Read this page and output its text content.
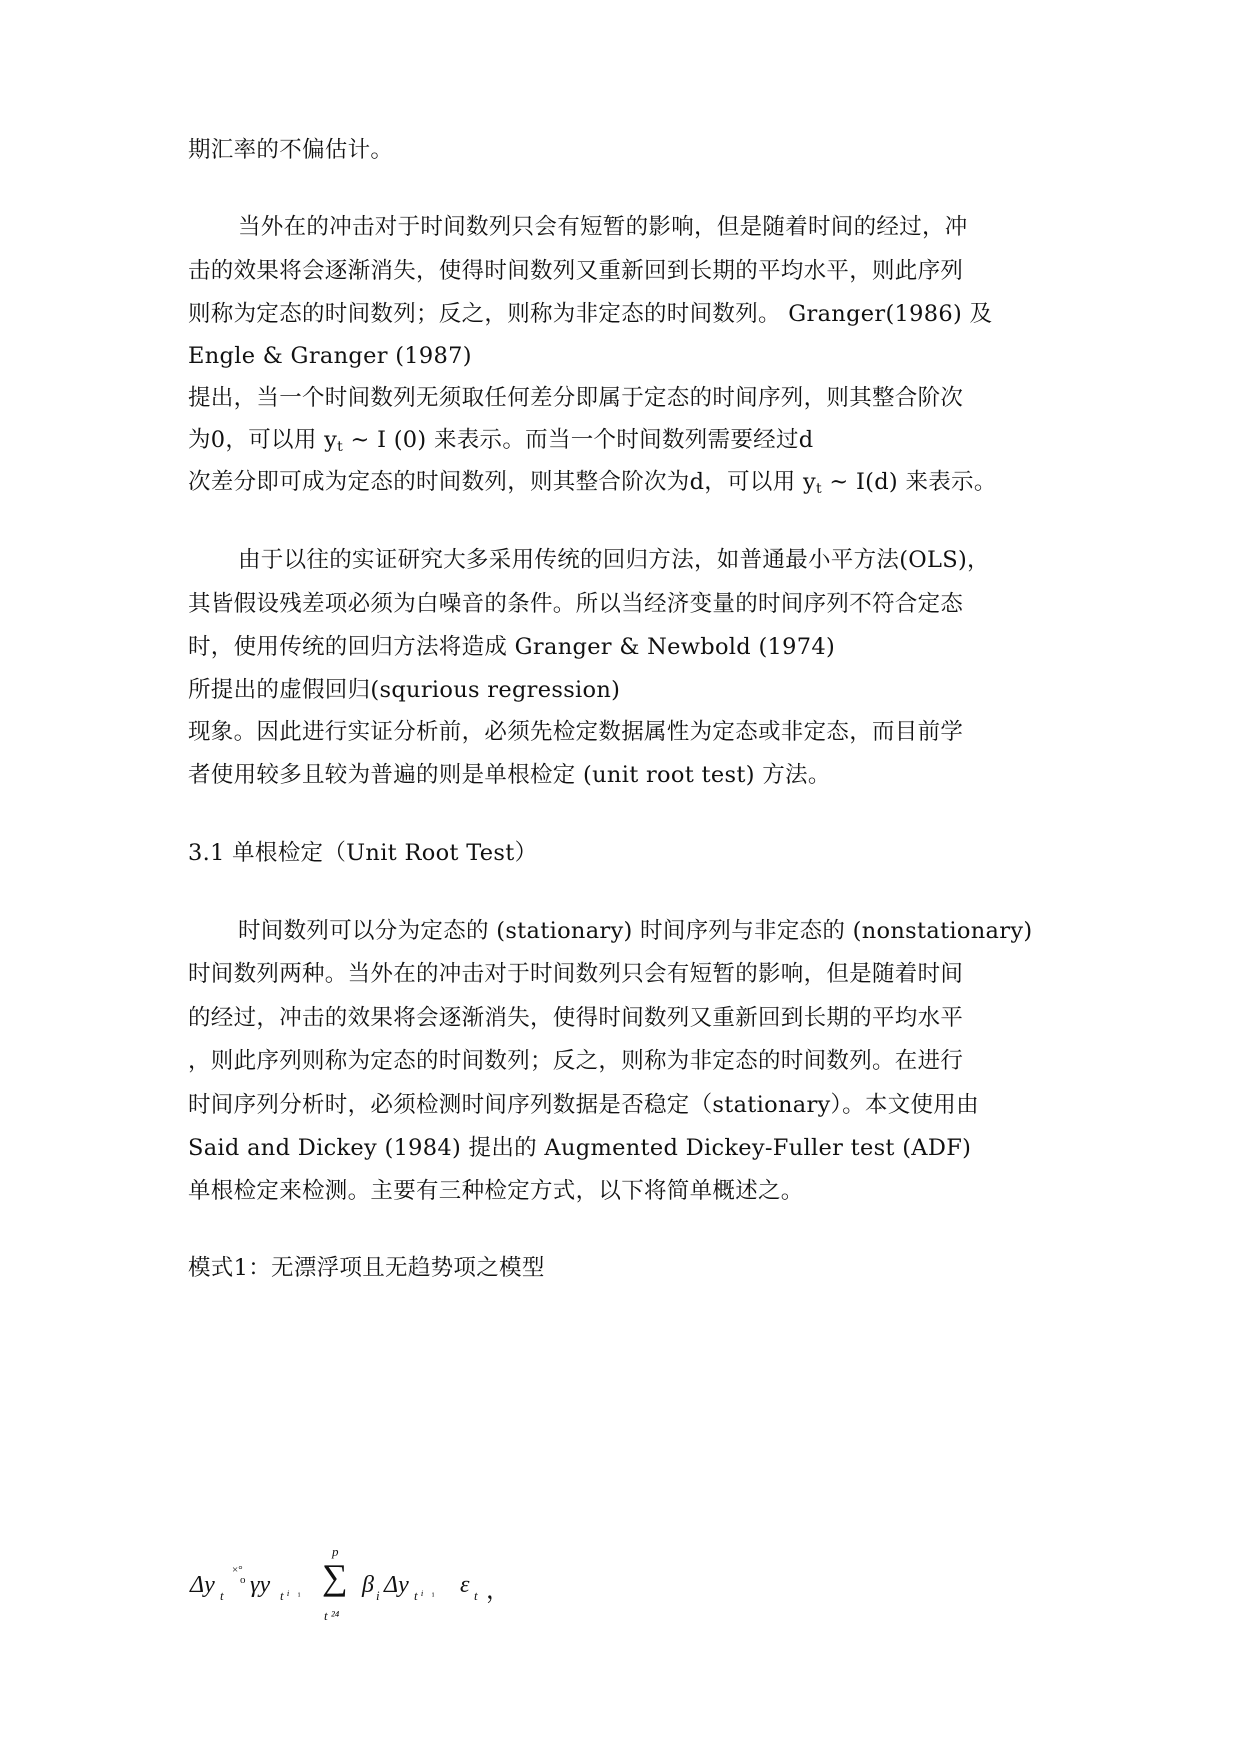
期汇率的不偏估计。
当外在的冲击对于时间数列只会有短暂的影响，但是随着时间的经过，冲
击的效果将会逐渐消失，使得时间数列又重新回到长期的平均水平，则此序列
则称为定态的时间数列；反之，则称为非定态的时间数列。 Granger(1986) 及
Engle & Granger (1987)
提出，当一个时间数列无须取任何差分即属于定态的时间序列，则其整合阶次
为0，可以用 $y_t$ ~ I (0) 来表示。而当一个时间数列需要经过d
次差分即可成为定态的时间数列，则其整合阶次为d，可以用 $y_t$ ~ I(d) 来表示。
由于以往的实证研究大多采用传统的回归方法，如普通最小平方法(OLS)，
其皆假设残差项必须为白噪音的条件。所以当经济变量的时间序列不符合定态
时，使用传统的回归方法将造成 Granger & Newbold (1974)
所提出的虚假回归(squrious regression)
现象。因此进行实证分析前，必须先检定数据属性为定态或非定态，而目前学
者使用较多且较为普遍的则是单根检定 (unit root test) 方法。
3.1 单根检定（Unit Root Test）
时间数列可以分为定态的 (stationary) 时间序列与非定态的 (nonstationary)
时间数列两种。当外在的冲击对于时间数列只会有短暂的影响，但是随着时间
的经过，冲击的效果将会逐渐消失，使得时间数列又重新回到长期的平均水平
，则此序列则称为定态的时间数列；反之，则称为非定态的时间数列。在进行
时间序列分析时，必须检测时间序列数据是否稳定（stationary）。本文使用由
Said and Dickey (1984) 提出的 Augmented Dickey-Fuller test (ADF)
单根检定来检测。主要有三种检定方式，以下将简单概述之。
模式1：无漂浮项且无趋势项之模型
Δy t
×°
o γy t ⁱ ⁱ
p
∑
t ²⁴
β i Δy t ⁱ ⁱ ε t ，
